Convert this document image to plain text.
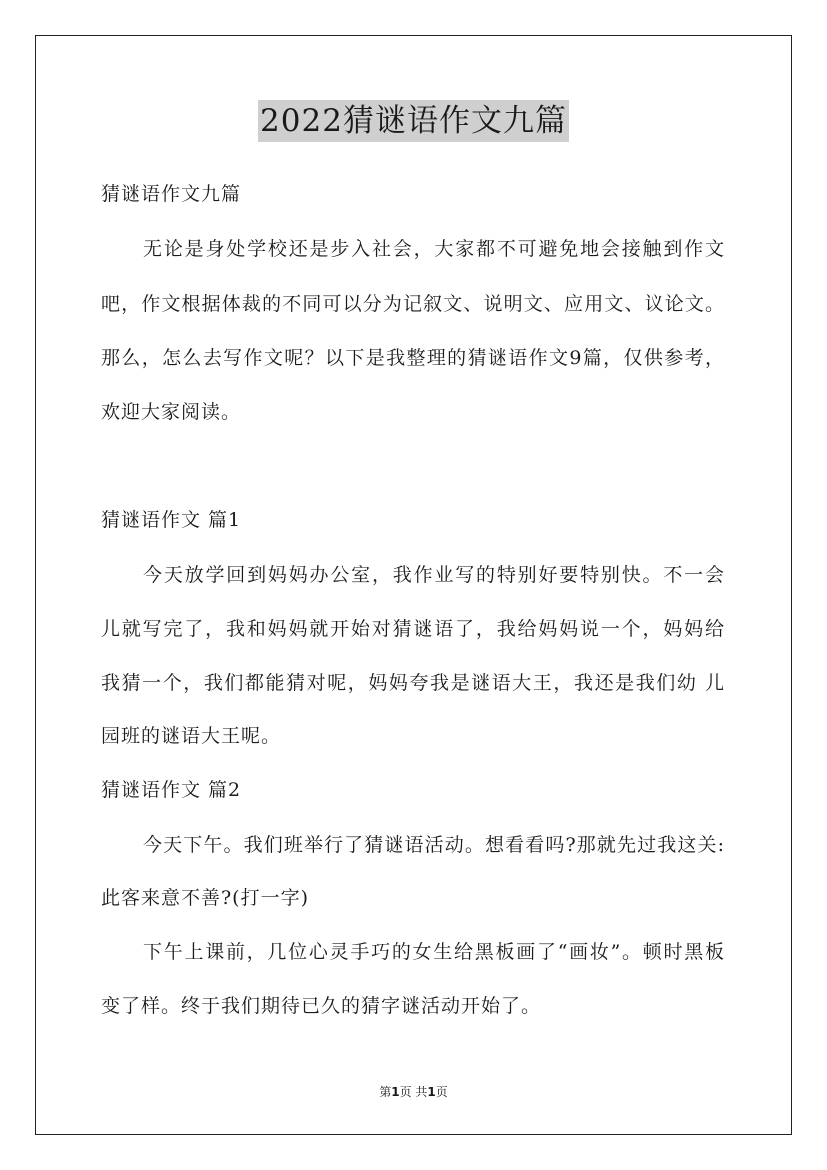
2022猜谜语作文九篇
猜谜语作文九篇
无论是身处学校还是步入社会，大家都不可避免地会接触到作文
吧，作文根据体裁的不同可以分为记叙文、说明文、应用文、议论文。
那么，怎么去写作文呢？以下是我整理的猜谜语作文9篇，仅供参考，
欢迎大家阅读。
猜谜语作文 篇1
今天放学回到妈妈办公室，我作业写的特别好要特别快。不一会
儿就写完了，我和妈妈就开始对猜谜语了，我给妈妈说一个，妈妈给
我猜一个，我们都能猜对呢，妈妈夸我是谜语大王，我还是我们幼 儿
园班的谜语大王呢。
猜谜语作文 篇2
今天下午。我们班举行了猜谜语活动。想看看吗?那就先过我这关:
此客来意不善?(打一字)
下午上课前，几位心灵手巧的女生给黑板画了“画妆”。顿时黑板
变了样。终于我们期待已久的猜字谜活动开始了。
第1页 共1页
